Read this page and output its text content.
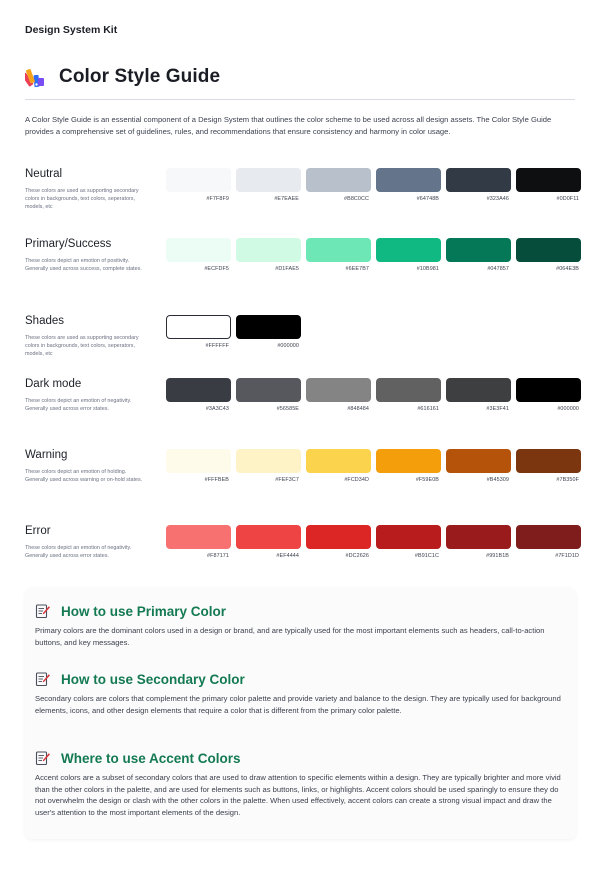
Design System Kit
Color Style Guide

A Color Style Guide is an essential component of a Design System that outlines the color scheme to be used across all design assets. The Color Style Guide provides a comprehensive set of guidelines, rules, and recommendations that ensure consistency and harmony in color usage.

Neutral
These colors are used as supporting secondary colors in backgrounds, text colors, seperators, models, etc
#F7F8F9	#E7EAEE	#B8C0CC	#64748B	#323A46	#0D0F11
Primary/Success
These colors depict an emotion of positivity. Generally used across success, complete states.	#ECFDF5	#D1FAE5	#6EE7B7	#10B981	#047857	#064E3B
Shades
These colors are used as supporting secondary colors in backgrounds, text colors, seperators, models, etc
#FFFFFF	#000000
Dark mode
These colors depict an emotion of negativity. Generally used across error states.	#3A3C43	#56585E	#848484	#616161	#3E3F41	#000000
Warning
These colors depict an emotion of holding. Generally used across warning or on-hold states.	#FFFBEB	#FEF3C7	#FCD34D	#F59E0B	#B45309	#7B350F
Error
These colors depict an emotion of negativity. Generally used across error states.	#F87171	#EF4444	#DC2626	#B91C1C	#991B1B	#7F1D1D
How to use Primary Color

Primary colors are the dominant colors used in a design or brand, and are typically used for the most important elements such as headers, call-to-action buttons, and key messages.

How to use Secondary Color

Secondary colors are colors that complement the primary color palette and provide variety and balance to the design. They are typically used for background elements, icons, and other design elements that require a color that is different from the primary color palette.

Where to use Accent Colors

Accent colors are a subset of secondary colors that are used to draw attention to specific elements within a design. They are typically brighter and more vivid than the other colors in the palette, and are used for elements such as buttons, links, or highlights. Accent colors should be used sparingly to ensure they do not overwhelm the design or clash with the other colors in the palette. When used effectively, accent colors can create a strong visual impact and draw the user's attention to the most important elements of the design.
